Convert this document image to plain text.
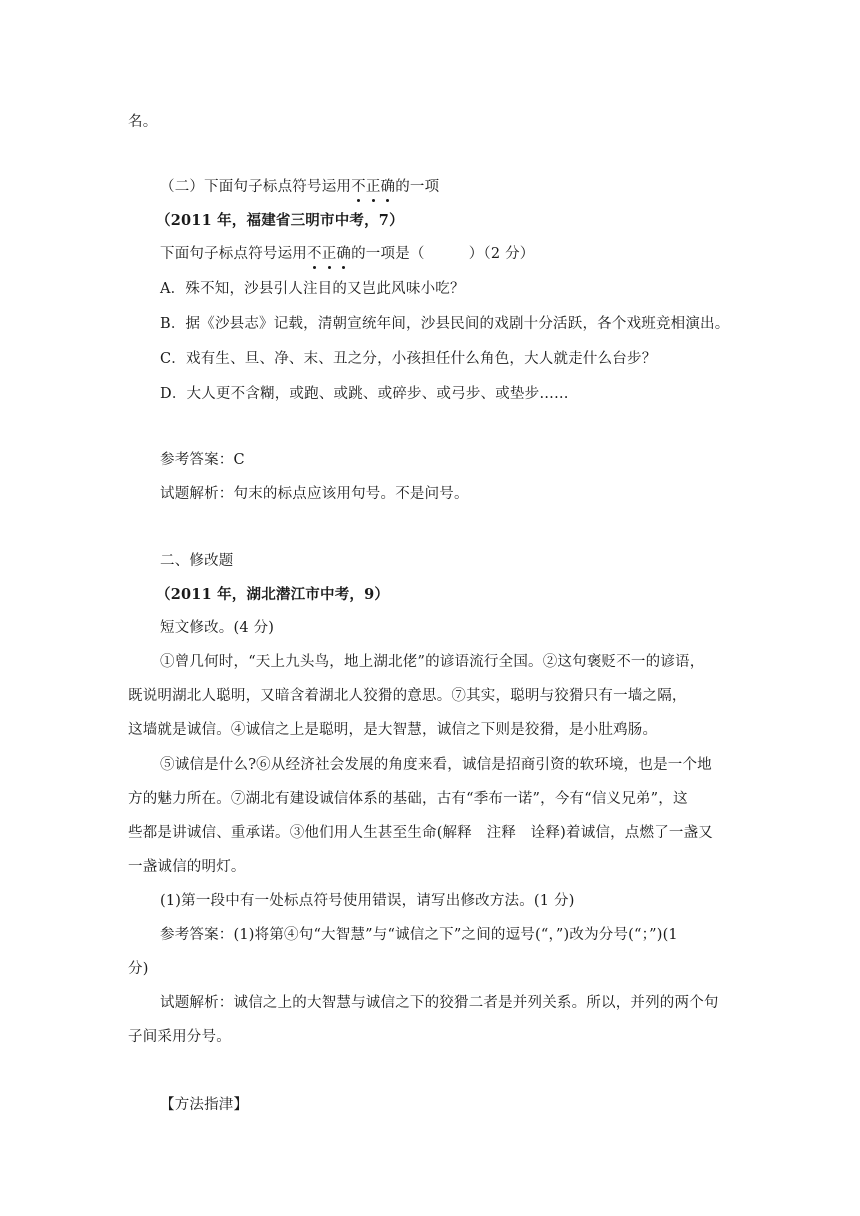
名。
（二）下面句子标点符号运用不正确的一项
（2011 年，福建省三明市中考，7）
下面句子标点符号运用不正确的一项是（　　　）（2 分）
A．殊不知，沙县引人注目的又岂此风味小吃？
B．据《沙县志》记载，清朝宣统年间，沙县民间的戏剧十分活跃，各个戏班竞相演出。
C．戏有生、旦、净、末、丑之分，小孩担任什么角色，大人就走什么台步？
D．大人更不含糊，或跑、或跳、或碎步、或弓步、或垫步……
参考答案：C
试题解析：句末的标点应该用句号。不是问号。
二、修改题
（2011 年，湖北潜江市中考，9）
短文修改。(4 分)
①曾几何时，“天上九头鸟，地上湖北佬”的谚语流行全国。②这句褒贬不一的谚语，
既说明湖北人聪明，又暗含着湖北人狡猾的意思。⑦其实，聪明与狡猾只有一墙之隔，
这墙就是诚信。④诚信之上是聪明，是大智慧，诚信之下则是狡猾，是小肚鸡肠。
⑤诚信是什么?⑥从经济社会发展的角度来看，诚信是招商引资的软环境，也是一个地
方的魅力所在。⑦湖北有建设诚信体系的基础，古有“季布一诺”，今有“信义兄弟”，这
些都是讲诚信、重承诺。③他们用人生甚至生命(解释　注释　诠释)着诚信，点燃了一盏又
一盏诚信的明灯。
(1)第一段中有一处标点符号使用错误，请写出修改方法。(1 分)
参考答案：(1)将第④句“大智慧”与“诚信之下”之间的逗号(“，”)改为分号(“；”)(1
分)
试题解析：诚信之上的大智慧与诚信之下的狡猾二者是并列关系。所以，并列的两个句
子间采用分号。
【方法指津】
